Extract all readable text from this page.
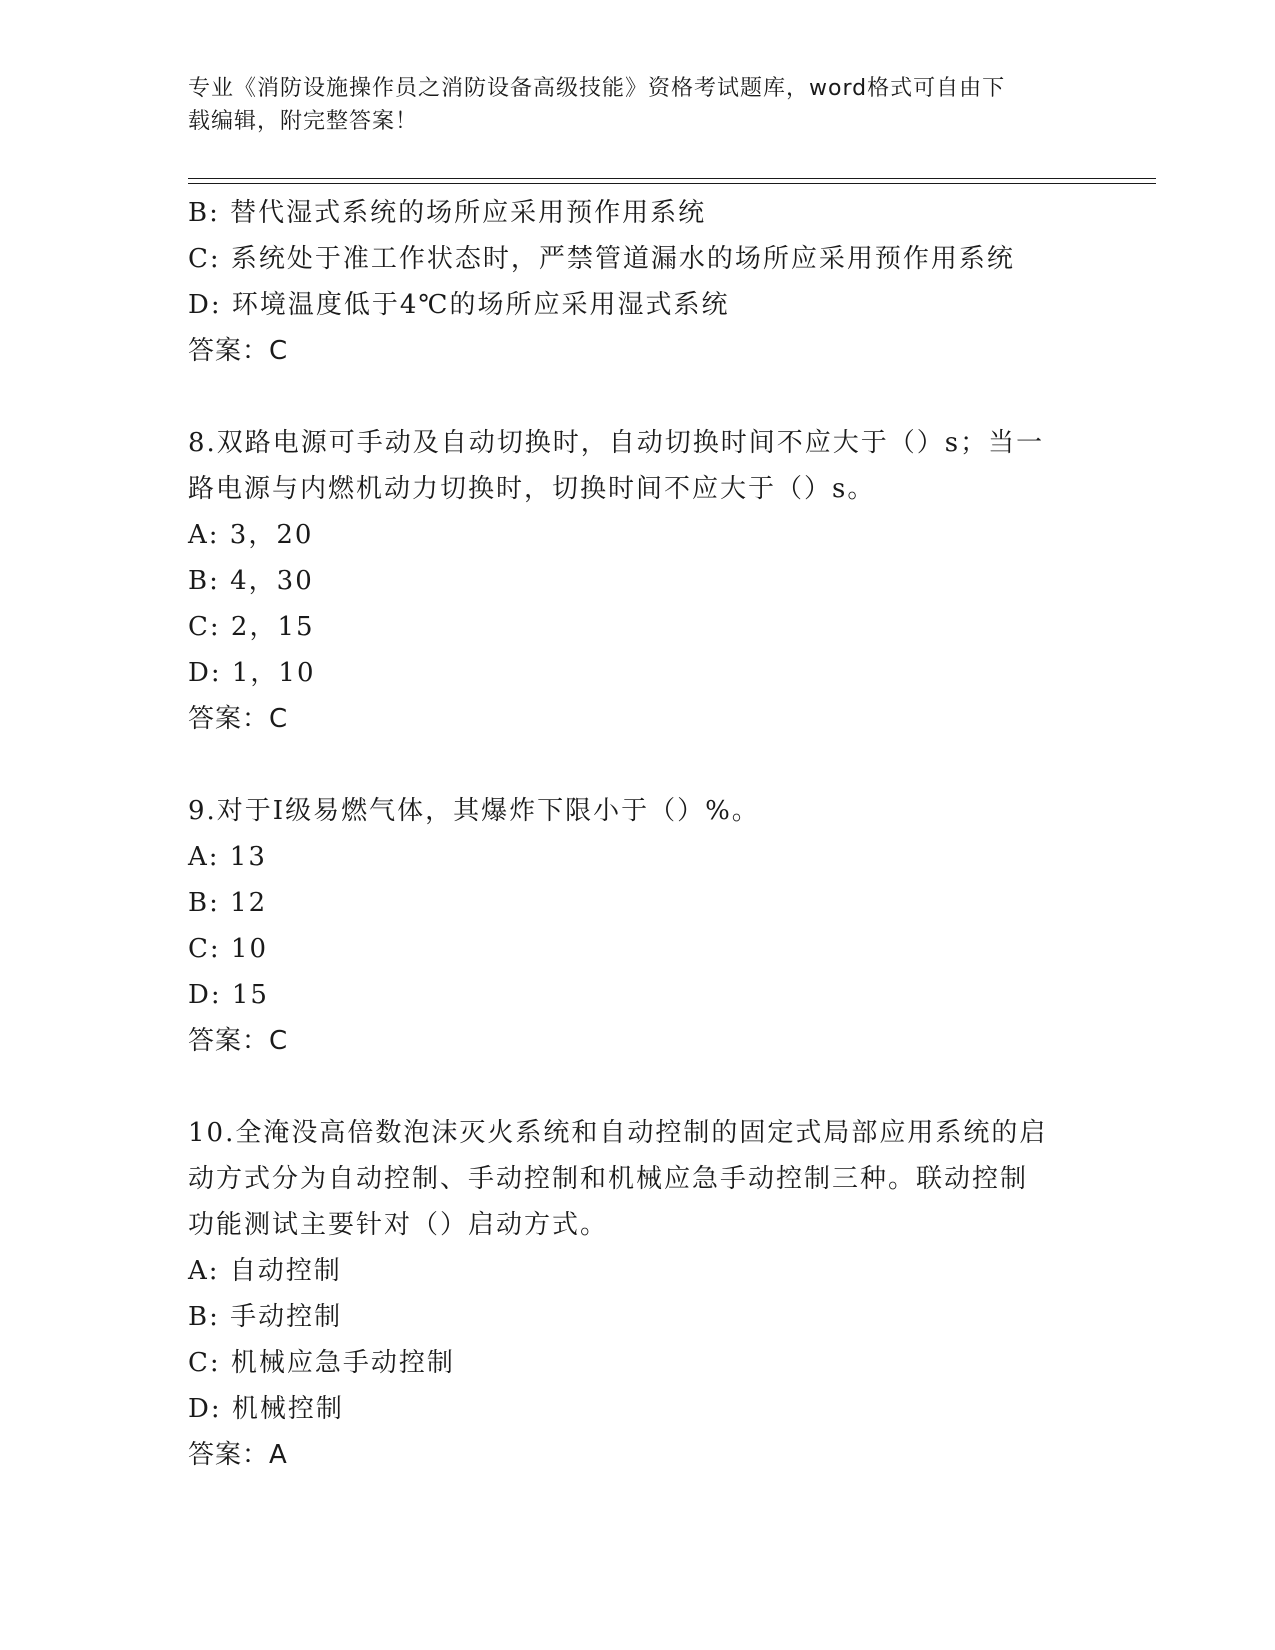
专业《消防设施操作员之消防设备高级技能》资格考试题库，word格式可自由下
载编辑，附完整答案！
B: 替代湿式系统的场所应采用预作用系统
C: 系统处于准工作状态时，严禁管道漏水的场所应采用预作用系统
D: 环境温度低于4℃的场所应采用湿式系统
答案：C
8.双路电源可手动及自动切换时，自动切换时间不应大于（）s；当一
路电源与内燃机动力切换时，切换时间不应大于（）s。
A: 3，20
B: 4，30
C: 2，15
D: 1，10
答案：C
9.对于Ⅰ级易燃气体，其爆炸下限小于（）%。
A: 13
B: 12
C: 10
D: 15
答案：C
10.全淹没高倍数泡沫灭火系统和自动控制的固定式局部应用系统的启
动方式分为自动控制、手动控制和机械应急手动控制三种。联动控制
功能测试主要针对（）启动方式。
A: 自动控制
B: 手动控制
C: 机械应急手动控制
D: 机械控制
答案：A
